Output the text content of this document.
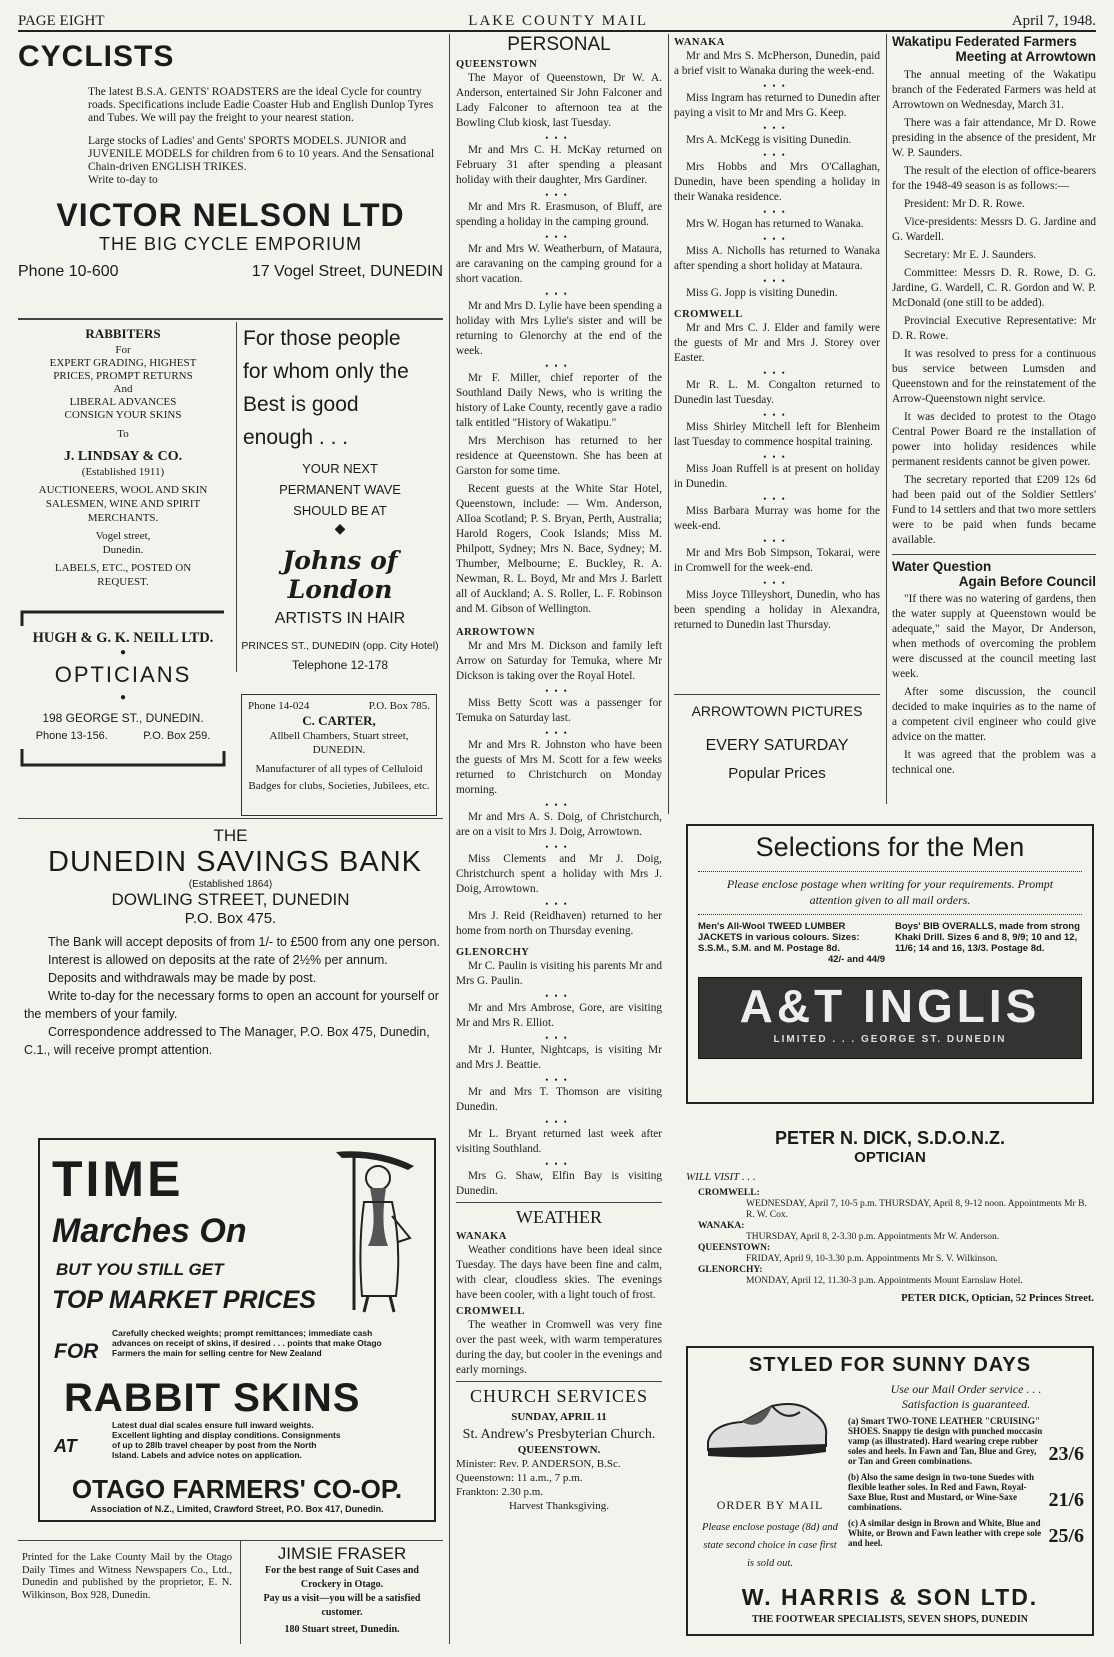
PAGE EIGHT	LAKE COUNTY MAIL	April 7, 1948.
CYCLISTS

The latest B.S.A. GENTS' ROADSTERS are the ideal Cycle for country roads. Specifications include Eadie Coaster Hub and English Dunlop Tyres and Tubes. We will pay the freight to your nearest station.

Large stocks of Ladies' and Gents' SPORTS MODELS. JUNIOR and JUVENILE MODELS for children from 6 to 10 years. And the Sensational Chain-driven ENGLISH TRIKES.

Write to-day to

VICTOR NELSON LTD
THE BIG CYCLE EMPORIUM
Phone 10-600	17 Vogel Street, DUNEDIN
RABBITERS
For
EXPERT GRADING, HIGHEST
PRICES, PROMPT RETURNS
And
LIBERAL ADVANCES
CONSIGN YOUR SKINS
To
J. LINDSAY & CO.
(Established 1911)
AUCTIONEERS, WOOL AND SKIN SALESMEN, WINE AND SPIRIT MERCHANTS.
Vogel street,
Dunedin.
LABELS, ETC., POSTED ON REQUEST.
For those people
for whom only the
Best is good
enough . . .
YOUR NEXT
PERMANENT WAVE
SHOULD BE AT
◆
Johns of London
ARTISTS IN HAIR
PRINCES ST., DUNEDIN (opp. City Hotel)
Telephone 12-178
HUGH & G. K. NEILL LTD.
●
OPTICIANS
●
198 GEORGE ST., DUNEDIN.
Phone 13-156.	P.O. Box 259.
Phone 14-024	P.O. Box 785.
C. CARTER,
Allbell Chambers, Stuart street,
DUNEDIN.
Manufacturer of all types of Celluloid Badges for clubs, Societies, Jubilees, etc.
THE
DUNEDIN SAVINGS BANK
(Established 1864)
DOWLING STREET, DUNEDIN
P.O. Box 475.

The Bank will accept deposits of from 1/- to £500 from any one person.

Interest is allowed on deposits at the rate of 2½% per annum.

Deposits and withdrawals may be made by post.

Write to-day for the necessary forms to open an account for yourself or the members of your family.

Correspondence addressed to The Manager, P.O. Box 475, Dunedin, C.1., will receive prompt attention.

TIME
Marches On
BUT YOU STILL GET
TOP MARKET PRICES
FOR
Carefully checked weights; prompt remittances; immediate cash advances on receipt of skins, if desired . . . points that make Otago Farmers the main for selling centre for New Zealand
RABBIT SKINS
AT
Latest dual dial scales ensure full inward weights. Excellent lighting and display conditions. Consignments of up to 28lb travel cheaper by post from the North Island. Labels and advice notes on application.
OTAGO FARMERS' CO-OP.
Association of N.Z., Limited, Crawford Street, P.O. Box 417, Dunedin.
Printed for the Lake County Mail by the Otago Daily Times and Witness Newspapers Co., Ltd., Dunedin and published by the proprietor, E. N. Wilkinson, Box 928, Dunedin.
JIMSIE FRASER
For the best range of Suit Cases and Crockery in Otago.
Pay us a visit—you will be a satisfied customer.
180 Stuart street, Dunedin.
PERSONAL
QUEENSTOWN

The Mayor of Queenstown, Dr W. A. Anderson, entertained Sir John Falconer and Lady Falconer to afternoon tea at the Bowling Club kiosk, last Tuesday.

•••

Mr and Mrs C. H. McKay returned on February 31 after spending a pleasant holiday with their daughter, Mrs Gardiner.

•••

Mr and Mrs R. Erasmuson, of Bluff, are spending a holiday in the camping ground.

•••

Mr and Mrs W. Weatherburn, of Mataura, are caravaning on the camping ground for a short vacation.

•••

Mr and Mrs D. Lylie have been spending a holiday with Mrs Lylie's sister and will be returning to Glenorchy at the end of the week.

•••

Mr F. Miller, chief reporter of the Southland Daily News, who is writing the history of Lake County, recently gave a radio talk entitled "History of Wakatipu."

Mrs Merchison has returned to her residence at Queenstown. She has been at Garston for some time.

Recent guests at the White Star Hotel, Queenstown, include: — Wm. Anderson, Alloa Scotland; P. S. Bryan, Perth, Australia; Harold Rogers, Cook Islands; Miss M. Philpott, Sydney; Mrs N. Bace, Sydney; M. Thumber, Melbourne; E. Buckley, R. A. Newman, R. L. Boyd, Mr and Mrs J. Barlett all of Auckland; A. S. Roller, L. F. Robinson and M. Gibson of Wellington.

ARROWTOWN

Mr and Mrs M. Dickson and family left Arrow on Saturday for Temuka, where Mr Dickson is taking over the Royal Hotel.

•••

Miss Betty Scott was a passenger for Temuka on Saturday last.

•••

Mr and Mrs R. Johnston who have been the guests of Mrs M. Scott for a few weeks returned to Christchurch on Monday morning.

•••

Mr and Mrs A. S. Doig, of Christchurch, are on a visit to Mrs J. Doig, Arrowtown.

•••

Miss Clements and Mr J. Doig, Christchurch spent a holiday with Mrs J. Doig, Arrowtown.

•••

Mrs J. Reid (Reidhaven) returned to her home from north on Thursday evening.

GLENORCHY

Mr C. Paulin is visiting his parents Mr and Mrs G. Paulin.

•••

Mr and Mrs Ambrose, Gore, are visiting Mr and Mrs R. Elliot.

•••

Mr J. Hunter, Nightcaps, is visiting Mr and Mrs J. Beattie.

•••

Mr and Mrs T. Thomson are visiting Dunedin.

•••

Mr L. Bryant returned last week after visiting Southland.

•••

Mrs G. Shaw, Elfin Bay is visiting Dunedin.

WEATHER
WANAKA

Weather conditions have been ideal since Tuesday. The days have been fine and calm, with clear, cloudless skies. The evenings have been cooler, with a light touch of frost.

CROMWELL

The weather in Cromwell was very fine over the past week, with warm temperatures during the day, but cooler in the evenings and early mornings.

CHURCH SERVICES
SUNDAY, APRIL 11
St. Andrew's Presbyterian Church.
QUEENSTOWN.
Minister: Rev. P. ANDERSON, B.Sc.
Queenstown: 11 a.m., 7 p.m.
Frankton: 2.30 p.m.
Harvest Thanksgiving.
WANAKA

Mr and Mrs S. McPherson, Dunedin, paid a brief visit to Wanaka during the week-end.

•••

Miss Ingram has returned to Dunedin after paying a visit to Mr and Mrs G. Keep.

•••

Mrs A. McKegg is visiting Dunedin.

•••

Mrs Hobbs and Mrs O'Callaghan, Dunedin, have been spending a holiday in their Wanaka residence.

•••

Mrs W. Hogan has returned to Wanaka.

•••

Miss A. Nicholls has returned to Wanaka after spending a short holiday at Mataura.

•••

Miss G. Jopp is visiting Dunedin.

CROMWELL

Mr and Mrs C. J. Elder and family were the guests of Mr and Mrs J. Storey over Easter.

•••

Mr R. L. M. Congalton returned to Dunedin last Tuesday.

•••

Miss Shirley Mitchell left for Blenheim last Tuesday to commence hospital training.

•••

Miss Joan Ruffell is at present on holiday in Dunedin.

•••

Miss Barbara Murray was home for the week-end.

•••

Mr and Mrs Bob Simpson, Tokarai, were in Cromwell for the week-end.

•••

Miss Joyce Tilleyshort, Dunedin, who has been spending a holiday in Alexandra, returned to Dunedin last Thursday.

ARROWTOWN PICTURES
EVERY SATURDAY
Popular Prices
Wakatipu Federated Farmers
Meeting at Arrowtown

The annual meeting of the Wakatipu branch of the Federated Farmers was held at Arrowtown on Wednesday, March 31.

There was a fair attendance, Mr D. Rowe presiding in the absence of the president, Mr W. P. Saunders.

The result of the election of office-bearers for the 1948-49 season is as follows:—

President: Mr D. R. Rowe.

Vice-presidents: Messrs D. G. Jardine and G. Wardell.

Secretary: Mr E. J. Saunders.

Committee: Messrs D. R. Rowe, D. G. Jardine, G. Wardell, C. R. Gordon and W. P. McDonald (one still to be added).

Provincial Executive Representative: Mr D. R. Rowe.

It was resolved to press for a continuous bus service between Lumsden and Queenstown and for the reinstatement of the Arrow-Queenstown night service.

It was decided to protest to the Otago Central Power Board re the installation of power into holiday residences while permanent residents cannot be given power.

The secretary reported that £209 12s 6d had been paid out of the Soldier Settlers' Fund to 14 settlers and that two more settlers were to be paid when funds became available.

Water Question
Again Before Council

"If there was no watering of gardens, then the water supply at Queenstown would be adequate," said the Mayor, Dr Anderson, when methods of overcoming the problem were discussed at the council meeting last week.

After some discussion, the council decided to make inquiries as to the name of a competent civil engineer who could give advice on the matter.

It was agreed that the problem was a technical one.

Selections for the Men
Please enclose postage when writing for your requirements. Prompt attention given to all mail orders.
Men's All-Wool TWEED LUMBER JACKETS in various colours. Sizes: S.S.M., S.M. and M. Postage 8d.
42/- and 44/9
Boys' BIB OVERALLS, made from strong Khaki Drill. Sizes 6 and 8, 9/9; 10 and 12, 11/6; 14 and 16, 13/3. Postage 8d.
A&T INGLIS
LIMITED . . . GEORGE ST. DUNEDIN
PETER N. DICK, S.D.O.N.Z.
OPTICIAN
WILL VISIT . . .
CROMWELL:
WEDNESDAY, April 7, 10-5 p.m. THURSDAY, April 8, 9-12 noon. Appointments Mr B. R. W. Cox.
WANAKA:
THURSDAY, April 8, 2-3.30 p.m. Appointments Mr W. Anderson.
QUEENSTOWN:
FRIDAY, April 9, 10-3.30 p.m. Appointments Mr S. V. Wilkinson.
GLENORCHY:
MONDAY, April 12, 11.30-3 p.m. Appointments Mount Earnslaw Hotel.
PETER DICK, Optician, 52 Princes Street.
STYLED FOR SUNNY DAYS
Use our Mail Order service . . .
Satisfaction is guaranteed.
(a) Smart TWO-TONE LEATHER "CRUISING" SHOES. Snappy tie design with punched moccasin vamp (as illustrated). Hard wearing crepe rubber soles and heels. In Fawn and Tan, Blue and Grey, or Tan and Green combinations.	23/6
(b) Also the same design in two-tone Suedes with flexible leather soles. In Red and Fawn, Royal-Saxe Blue, Rust and Mustard, or Wine-Saxe combinations.	21/6
(c) A similar design in Brown and White, Blue and White, or Brown and Fawn leather with crepe sole and heel.	25/6
ORDER BY MAIL
Please enclose postage (8d) and state second choice in case first is sold out.
W. HARRIS & SON LTD.
THE FOOTWEAR SPECIALISTS, SEVEN SHOPS, DUNEDIN
